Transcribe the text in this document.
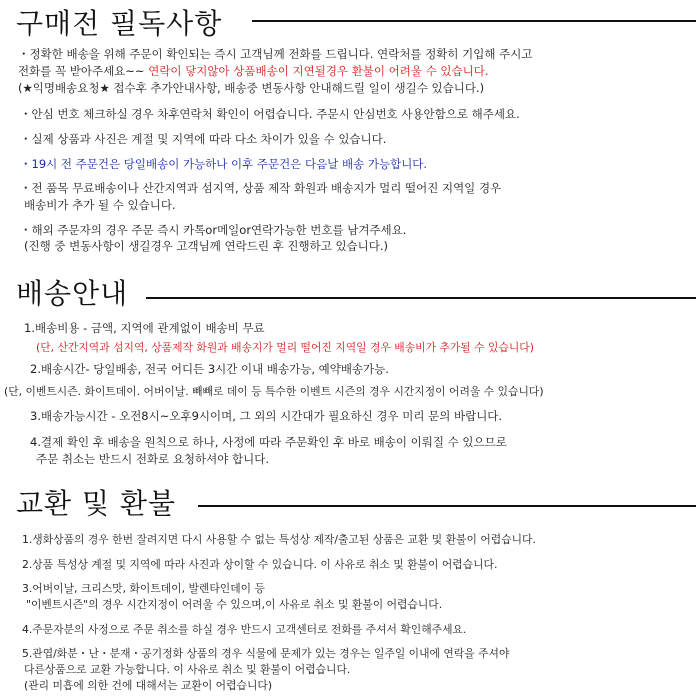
구매전 필독사항
・정확한 배송을 위해 주문이 확인되는 즉시 고객님께 전화를 드립니다. 연락처를 정확히 기입해 주시고
전화를 꼭 받아주세요~~ 연락이 닿지않아 상품배송이 지연될경우 환불이 어려울 수 있습니다.
(★익명배송요청★ 접수후 추가안내사항, 배송중 변동사항 안내해드릴 일이 생길수 있습니다.)
・안심 번호 체크하실 경우 차후연락처 확인이 어렵습니다. 주문시 안심번호 사용안함으로 해주세요.
・실제 상품과 사진은 계절 및 지역에 따라 다소 차이가 있을 수 있습니다.
・19시 전 주문건은 당일배송이 가능하나 이후 주문건은 다음날 배송 가능합니다.
・전 품목 무료배송이나 산간지역과 섬지역, 상품 제작 화원과 배송지가 멀리 떨어진 지역일 경우
배송비가 추가 될 수 있습니다.
・해외 주문자의 경우 주문 즉시 카톡or메일or연락가능한 번호를 남겨주세요.
(진행 중 변동사항이 생길경우 고객님께 연락드린 후 진행하고 있습니다.)
배송안내
1.배송비용 - 금액, 지역에 관계없이 배송비 무료
(단, 산간지역과 섬지역, 상품제작 화원과 배송지가 멀리 떨어진 지역일 경우 배송비가 추가될 수 있습니다)
2.배송시간- 당일배송, 전국 어디든 3시간 이내 배송가능, 예약배송가능.
(단, 이벤트시즌. 화이트데이. 어버이날. 빼빼로 데이 등 특수한 이벤트 시즌의 경우 시간지정이 어려울 수 있습니다)
3.배송가능시간 - 오전8시~오후9시이며, 그 외의 시간대가 필요하신 경우 미리 문의 바랍니다.
4.결제 확인 후 배송을 원칙으로 하나, 사정에 따라 주문확인 후 바로 배송이 이뤄질 수 있으므로
주문 취소는 반드시 전화로 요청하셔야 합니다.
교환 및 환불
1.생화상품의 경우 한번 잘려지면 다시 사용할 수 없는 특성상 제작/출고된 상품은 교환 및 환불이 어렵습니다.
2.상품 특성상 계절 및 지역에 따라 사진과 상이할 수 있습니다. 이 사유로 취소 및 환불이 어렵습니다.
3.어버이날, 크리스맛, 화이트데이, 발렌타인데이 등
"이벤트시즌"의 경우 시간지정이 어려울 수 있으며,이 사유로 취소 및 환불이 어렵습니다.
4.주문자분의 사정으로 주문 취소를 하실 경우 반드시 고객센터로 전화를 주셔서 확인해주세요.
5.관엽/화분・난・분재・공기정화 상품의 경우 식물에 문제가 있는 경우는 일주일 이내에 연락을 주셔야
다른상품으로 교환 가능합니다. 이 사유로 취소 및 환불이 어렵습니다.
(관리 미흡에 의한 건에 대해서는 교환이 어렵습니다)
